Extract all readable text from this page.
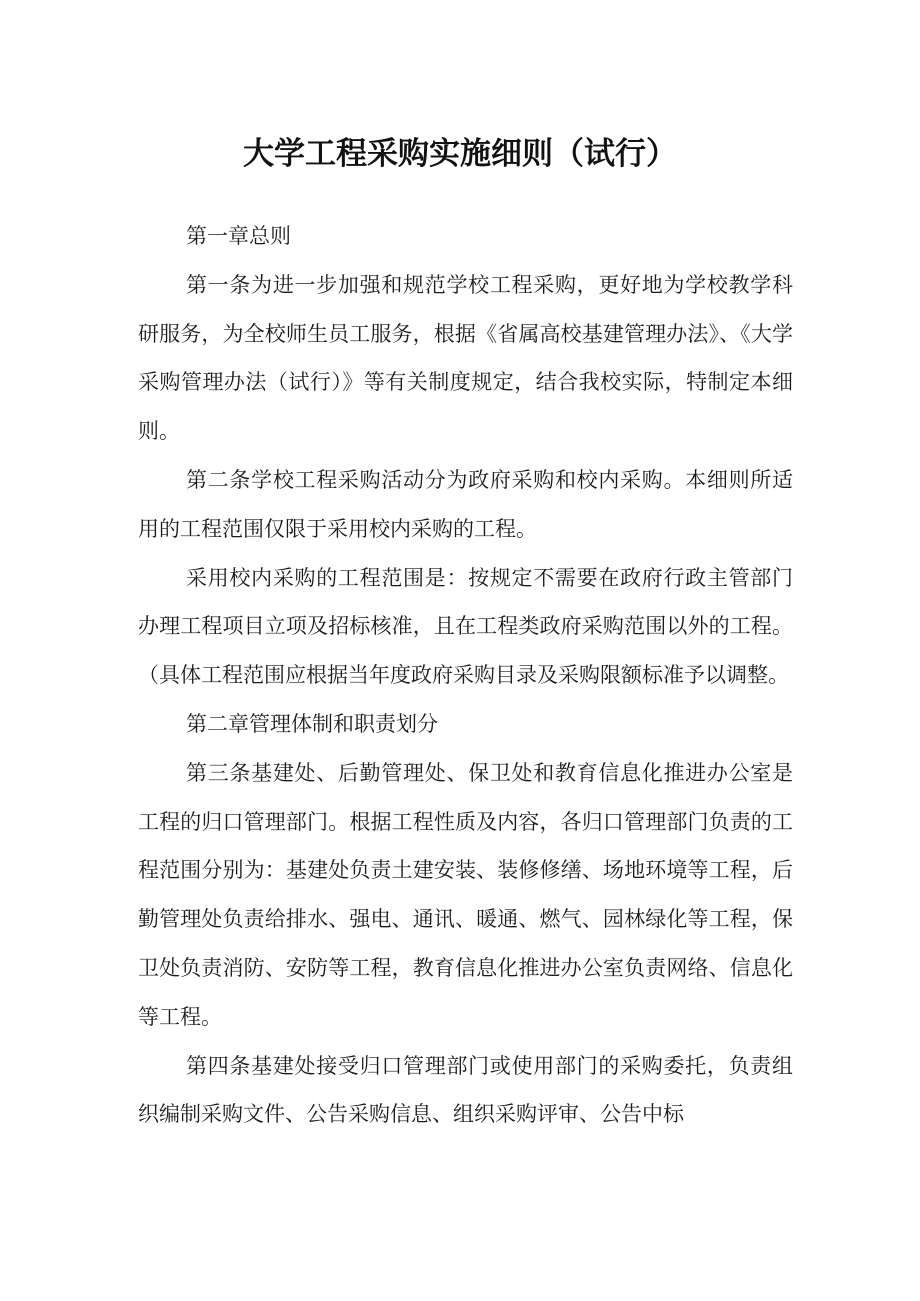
大学工程采购实施细则（试行）

第一章总则

第一条为进一步加强和规范学校工程采购，更好地为学校教学科研服务，为全校师生员工服务，根据《省属高校基建管理办法》、《大学采购管理办法（试行）》等有关制度规定，结合我校实际，特制定本细则。

第二条学校工程采购活动分为政府采购和校内采购。本细则所适用的工程范围仅限于采用校内采购的工程。

采用校内采购的工程范围是：按规定不需要在政府行政主管部门办理工程项目立项及招标核准，且在工程类政府采购范围以外的工程。（具体工程范围应根据当年度政府采购目录及采购限额标准予以调整。

第二章管理体制和职责划分

第三条基建处、后勤管理处、保卫处和教育信息化推进办公室是工程的归口管理部门。根据工程性质及内容，各归口管理部门负责的工程范围分别为：基建处负责土建安装、装修修缮、场地环境等工程，后勤管理处负责给排水、强电、通讯、暖通、燃气、园林绿化等工程，保卫处负责消防、安防等工程，教育信息化推进办公室负责网络、信息化等工程。

第四条基建处接受归口管理部门或使用部门的采购委托，负责组织编制采购文件、公告采购信息、组织采购评审、公告中标
